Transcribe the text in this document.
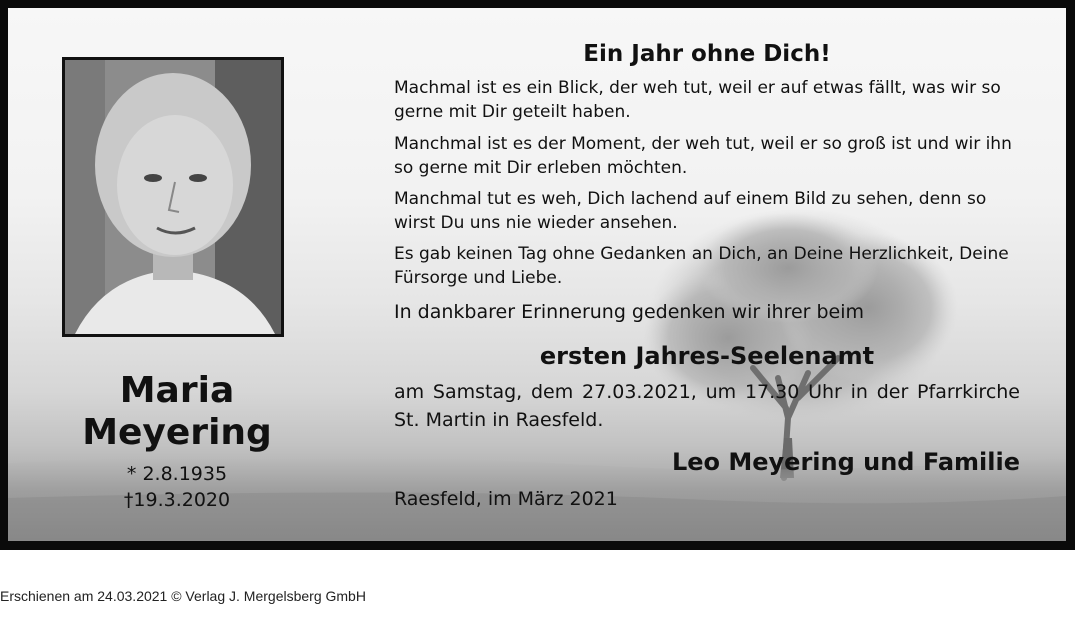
Maria
Meyering
* 2.8.1935
†19.3.2020
Ein Jahr ohne Dich!

Machmal ist es ein Blick, der weh tut, weil er auf etwas fällt, was wir so gerne mit Dir geteilt haben.

Manchmal ist es der Moment, der weh tut, weil er so groß ist und wir ihn so gerne mit Dir erleben möchten.

Manchmal tut es weh, Dich lachend auf einem Bild zu sehen, denn so wirst Du uns nie wieder ansehen.

Es gab keinen Tag ohne Gedanken an Dich, an Deine Herzlichkeit, Deine Fürsorge und Liebe.

In dankbarer Erinnerung gedenken wir ihrer beim

ersten Jahres-Seelenamt
am Samstag, dem 27.03.2021, um 17.30 Uhr in der Pfarrkirche
St. Martin in Raesfeld.
Leo Meyering und Familie
Raesfeld, im März 2021
Erschienen am 24.03.2021 © Verlag J. Mergelsberg GmbH
